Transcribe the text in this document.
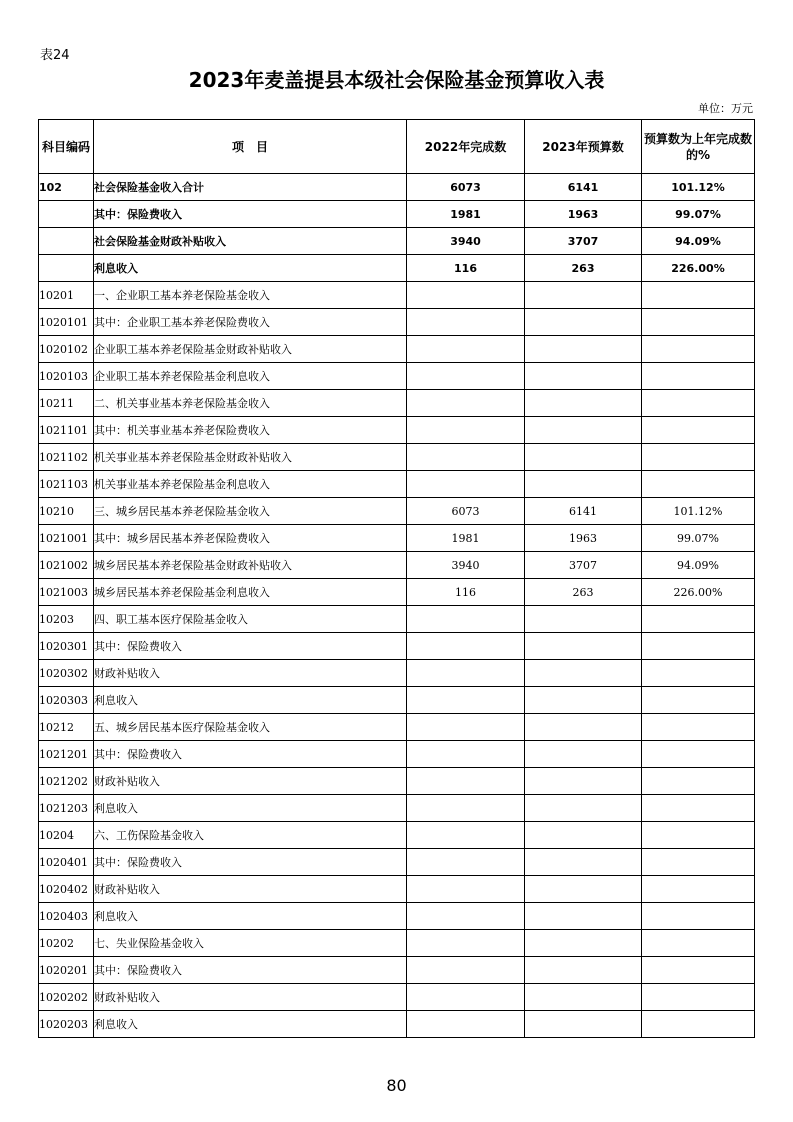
表24
2023年麦盖提县本级社会保险基金预算收入表
单位：万元
科目编码	项　目	2022年完成数	2023年预算数	预算数为上年完成数的%
102	社会保险基金收入合计	6073	6141	101.12%
	其中：保险费收入	1981	1963	99.07%
	社会保险基金财政补贴收入	3940	3707	94.09%
	利息收入	116	263	226.00%
10201	一、企业职工基本养老保险基金收入			
1020101	其中：企业职工基本养老保险费收入			
1020102	企业职工基本养老保险基金财政补贴收入			
1020103	企业职工基本养老保险基金利息收入			
10211	二、机关事业基本养老保险基金收入			
1021101	其中：机关事业基本养老保险费收入			
1021102	机关事业基本养老保险基金财政补贴收入			
1021103	机关事业基本养老保险基金利息收入			
10210	三、城乡居民基本养老保险基金收入	6073	6141	101.12%
1021001	其中：城乡居民基本养老保险费收入	1981	1963	99.07%
1021002	城乡居民基本养老保险基金财政补贴收入	3940	3707	94.09%
1021003	城乡居民基本养老保险基金利息收入	116	263	226.00%
10203	四、职工基本医疗保险基金收入			
1020301	其中：保险费收入			
1020302	财政补贴收入			
1020303	利息收入			
10212	五、城乡居民基本医疗保险基金收入			
1021201	其中：保险费收入			
1021202	财政补贴收入			
1021203	利息收入			
10204	六、工伤保险基金收入			
1020401	其中：保险费收入			
1020402	财政补贴收入			
1020403	利息收入			
10202	七、失业保险基金收入			
1020201	其中：保险费收入			
1020202	财政补贴收入			
1020203	利息收入			
80
